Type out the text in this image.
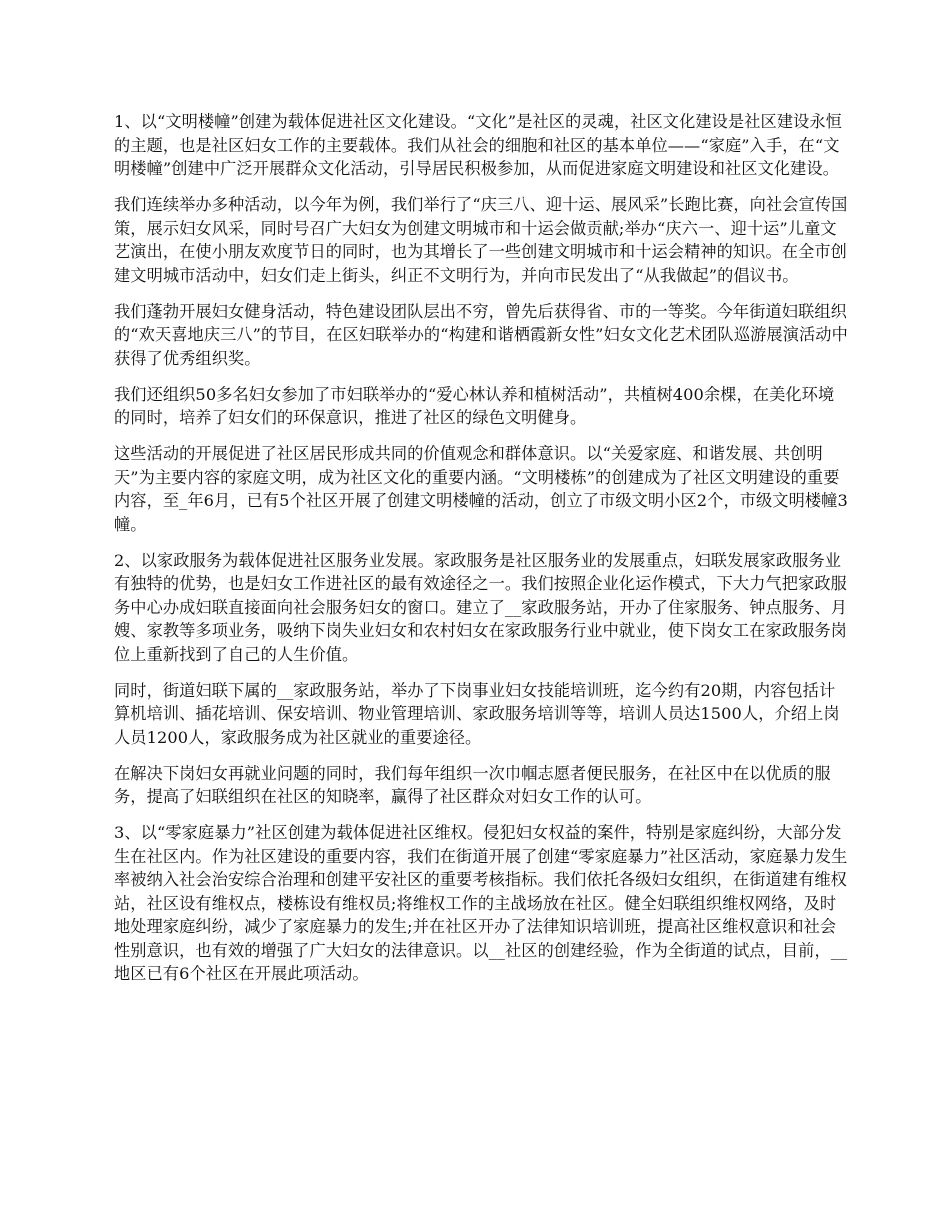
1、以“文明楼幢”创建为载体促进社区文化建设。“文化”是社区的灵魂，社区文化建设是社区建设永恒的主题，也是社区妇女工作的主要载体。我们从社会的细胞和社区的基本单位——“家庭”入手，在“文明楼幢”创建中广泛开展群众文化活动，引导居民积极参加，从而促进家庭文明建设和社区文化建设。

我们连续举办多种活动，以今年为例，我们举行了“庆三八、迎十运、展风采”长跑比赛，向社会宣传国策，展示妇女风采，同时号召广大妇女为创建文明城市和十运会做贡献;举办“庆六一、迎十运”儿童文艺演出，在使小朋友欢度节日的同时，也为其增长了一些创建文明城市和十运会精神的知识。在全市创建文明城市活动中，妇女们走上街头，纠正不文明行为，并向市民发出了“从我做起”的倡议书。

我们蓬勃开展妇女健身活动，特色建设团队层出不穷，曾先后获得省、市的一等奖。今年街道妇联组织的“欢天喜地庆三八”的节目，在区妇联举办的“构建和谐栖霞新女性”妇女文化艺术团队巡游展演活动中获得了优秀组织奖。

我们还组织50多名妇女参加了市妇联举办的“爱心林认养和植树活动”，共植树400余棵，在美化环境的同时，培养了妇女们的环保意识，推进了社区的绿色文明健身。

这些活动的开展促进了社区居民形成共同的价值观念和群体意识。以“关爱家庭、和谐发展、共创明天”为主要内容的家庭文明，成为社区文化的重要内涵。“文明楼栋”的创建成为了社区文明建设的重要内容，至_年6月，已有5个社区开展了创建文明楼幢的活动，创立了市级文明小区2个，市级文明楼幢3幢。

2、以家政服务为载体促进社区服务业发展。家政服务是社区服务业的发展重点，妇联发展家政服务业有独特的优势，也是妇女工作进社区的最有效途径之一。我们按照企业化运作模式，下大力气把家政服务中心办成妇联直接面向社会服务妇女的窗口。建立了__家政服务站，开办了住家服务、钟点服务、月嫂、家教等多项业务，吸纳下岗失业妇女和农村妇女在家政服务行业中就业，使下岗女工在家政服务岗位上重新找到了自己的人生价值。

同时，街道妇联下属的__家政服务站，举办了下岗事业妇女技能培训班，迄今约有20期，内容包括计算机培训、插花培训、保安培训、物业管理培训、家政服务培训等等，培训人员达1500人，介绍上岗人员1200人，家政服务成为社区就业的重要途径。

在解决下岗妇女再就业问题的同时，我们每年组织一次巾帼志愿者便民服务，在社区中在以优质的服务，提高了妇联组织在社区的知晓率，赢得了社区群众对妇女工作的认可。

3、以“零家庭暴力”社区创建为载体促进社区维权。侵犯妇女权益的案件，特别是家庭纠纷，大部分发生在社区内。作为社区建设的重要内容，我们在街道开展了创建“零家庭暴力”社区活动，家庭暴力发生率被纳入社会治安综合治理和创建平安社区的重要考核指标。我们依托各级妇女组织，在街道建有维权站，社区设有维权点，楼栋设有维权员;将维权工作的主战场放在社区。健全妇联组织维权网络，及时地处理家庭纠纷，减少了家庭暴力的发生;并在社区开办了法律知识培训班，提高社区维权意识和社会性别意识，也有效的增强了广大妇女的法律意识。以__社区的创建经验，作为全街道的试点，目前，__地区已有6个社区在开展此项活动。
